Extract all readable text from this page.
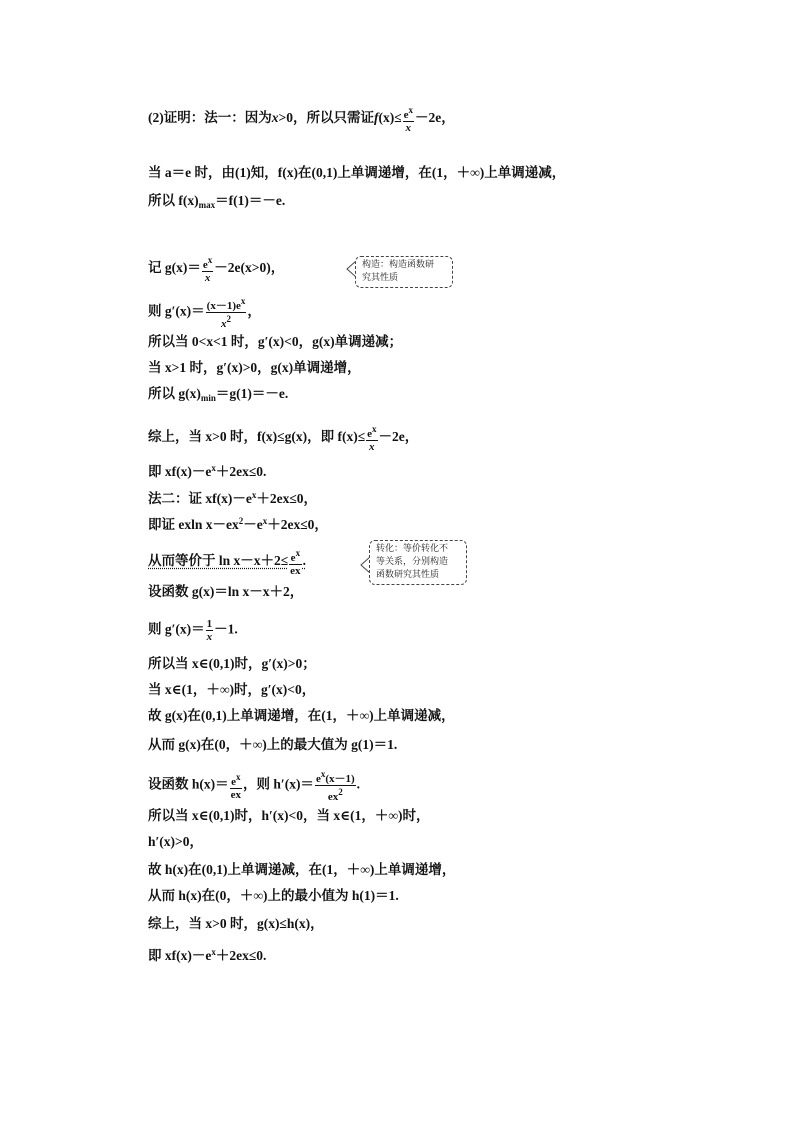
(2)证明：法一：因为x>0，所以只需证$f(x)\le \frac{e^x}{x} -2e$，
当 a＝e 时，由(1)知，f(x)在(0,1)上单调递增，在(1，＋∞)上单调递减，
所以 $f(x)_{max}=f(1)=-e$.
记 $g(x)= \frac{e^x}{x} -2e(x>0)$，	构造：构造函数研
究其性质
则 $g'(x)= \frac{(x-1)e^x}{x^2}$ ，
所以当 0<x<1 时，g′(x)<0，g(x)单调递减；
当 x>1 时，g′(x)>0，g(x)单调递增，
所以 $g(x)_{min}=g(1)=-e$.
综上，当 x>0 时，f(x)≤g(x)，即 $f(x)\le \frac{e^x}{x} -2e$，
即 $xf(x)-e^x+2ex\le 0$.
法二：证 $xf(x)-e^x+2ex\le 0$，
即证 exln $x-ex^2-e^x+2ex\le 0$，
从而等价于 $\ln x-x+2\le \frac{e^x}{ex}$ .
转化：等价转化不
等关系，分别构造
函数研究其性质
设函数 g(x)＝ln x－x＋2，
则 $g'(x)= \frac{1}{x} -1$.
所以当 x∈(0,1)时，g′(x)>0；
当 x∈(1，＋∞)时，g′(x)<0，
故 g(x)在(0,1)上单调递增，在(1，＋∞)上单调递减，
从而 g(x)在(0，＋∞)上的最大值为 g(1)＝1.
设函数 $h(x)= \frac{e^x}{ex}$ ，则 $h'(x)= \frac{e^x(x-1)}{ex^2}$ .
所以当 x∈(0,1)时，h′(x)<0，当 x∈(1，＋∞)时，
h′(x)>0，
故 h(x)在(0,1)上单调递减，在(1，＋∞)上单调递增，
从而 h(x)在(0，＋∞)上的最小值为 h(1)＝1.
综上，当 x>0 时，g(x)≤h(x)，
即 $xf(x)-e^x+2ex\le 0$.
